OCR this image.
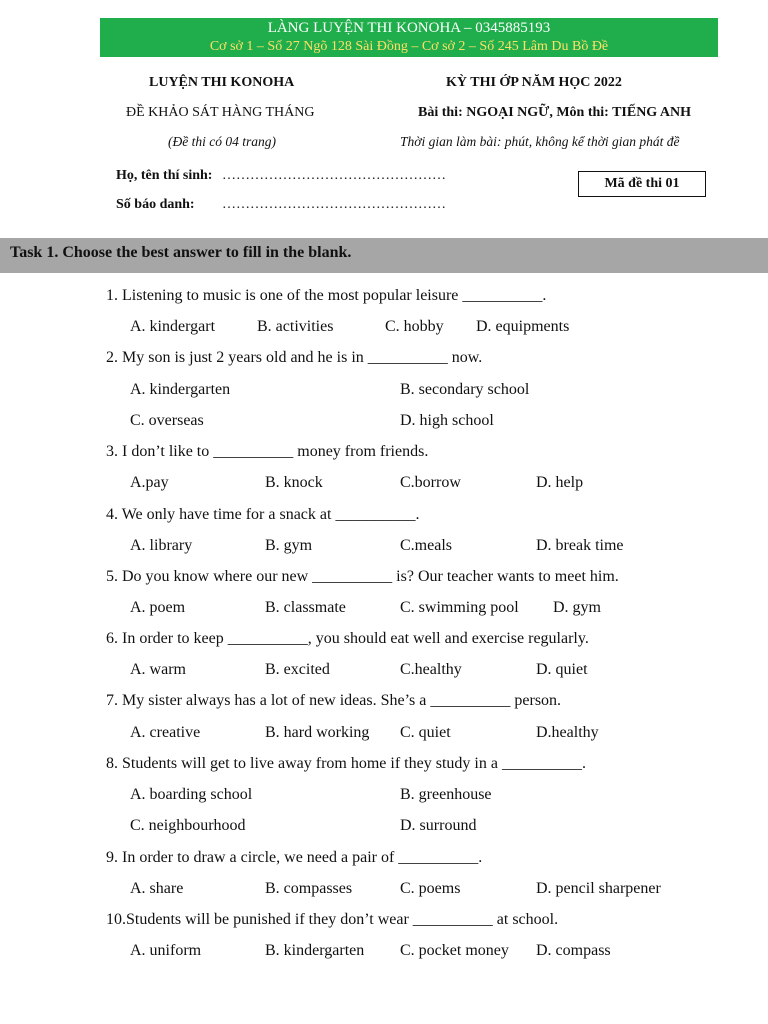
LÀNG LUYỆN THI KONOHA – 0345885193
Cơ sở 1 – Số 27 Ngõ 128 Sài Đồng – Cơ sở 2 – Số 245 Lâm Du Bồ Đề
LUYỆN THI KONOHA	KỲ THI ỚP NĂM HỌC 2022
ĐỀ KHẢO SÁT HÀNG THÁNG	Bài thi: NGOẠI NGỮ, Môn thi: TIẾNG ANH
(Đề thi có 04 trang)	Thời gian làm bài: phút, không kể thời gian phát đề
Họ, tên thí sinh: …………………………………………
Số báo danh: …………………………………………
Mã đề thi 01
Task 1. Choose the best answer to fill in the blank.
1. Listening to music is one of the most popular leisure __________.
A. kindergart	B. activities	C. hobby D. equipments
2. My son is just 2 years old and he is in __________ now.
A. kindergarten	B. secondary school
C. overseas	D. high school
3. I don’t like to __________ money from friends.
A.pay	B. knock	C.borrow	D. help
4. We only have time for a snack at __________.
A. library	B. gym	C.meals	D. break time
5. Do you know where our new __________ is? Our teacher wants to meet him.
A. poem	B. classmate	C. swimming pool D. gym
6. In order to keep __________, you should eat well and exercise regularly.
A. warm	B. excited	C.healthy	D. quiet
7. My sister always has a lot of new ideas. She’s a __________ person.
A. creative	B. hard working C. quiet	D.healthy
8. Students will get to live away from home if they study in a __________.
A. boarding school	B. greenhouse
C. neighbourhood	D. surround
9. In order to draw a circle, we need a pair of __________.
A. share	B. compasses	C. poems	D. pencil sharpener
10.Students will be punished if they don’t wear __________ at school.
A. uniform	B. kindergarten C. pocket money D. compass
